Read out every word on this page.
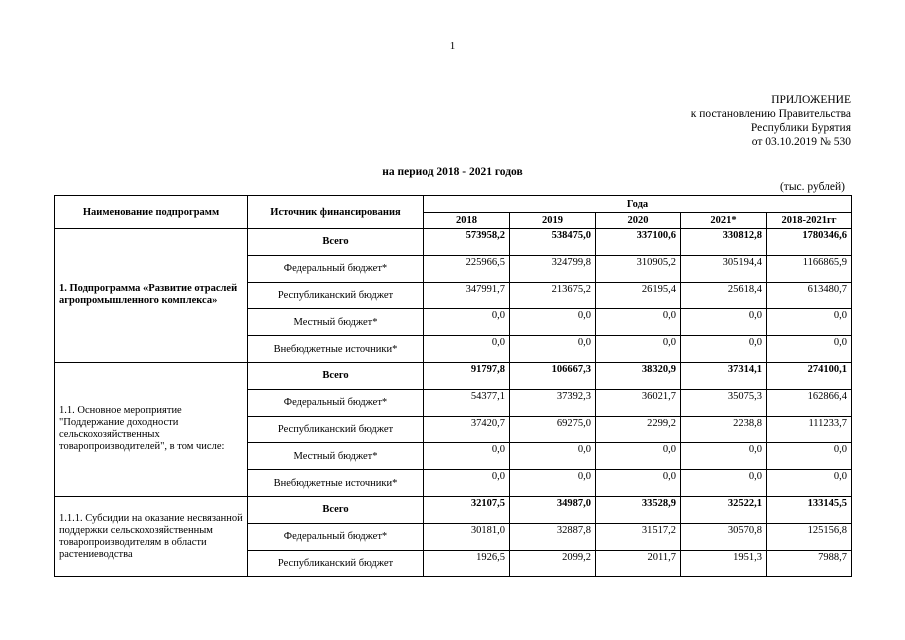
1
ПРИЛОЖЕНИЕ
к постановлению Правительства
Республики Бурятия
от 03.10.2019 № 530
на период 2018 - 2021 годов
(тыс. рублей)
Наименование подпрограмм	Источник финансирования	Года				
		2018	2019	2020	2021*	2018-2021гг
1. Подпрограмма «Развитие отраслей агропромышленного комплекса»	Всего	573958,2	538475,0	337100,6	330812,8	1780346,6
	Федеральный бюджет*	225966,5	324799,8	310905,2	305194,4	1166865,9
	Республиканский бюджет	347991,7	213675,2	26195,4	25618,4	613480,7
	Местный бюджет*	0,0	0,0	0,0	0,0	0,0
	Внебюджетные источники*	0,0	0,0	0,0	0,0	0,0
1.1. Основное мероприятие "Поддержание доходности сельскохозяйственных товаропроизводителей", в том числе:	Всего	91797,8	106667,3	38320,9	37314,1	274100,1
	Федеральный бюджет*	54377,1	37392,3	36021,7	35075,3	162866,4
	Республиканский бюджет	37420,7	69275,0	2299,2	2238,8	111233,7
	Местный бюджет*	0,0	0,0	0,0	0,0	0,0
	Внебюджетные источники*	0,0	0,0	0,0	0,0	0,0
1.1.1. Субсидии на оказание несвязанной поддержки сельскохозяйственным товаропроизводителям в области растениеводства	Всего	32107,5	34987,0	33528,9	32522,1	133145,5
	Федеральный бюджет*	30181,0	32887,8	31517,2	30570,8	125156,8
	Республиканский бюджет	1926,5	2099,2	2011,7	1951,3	7988,7
